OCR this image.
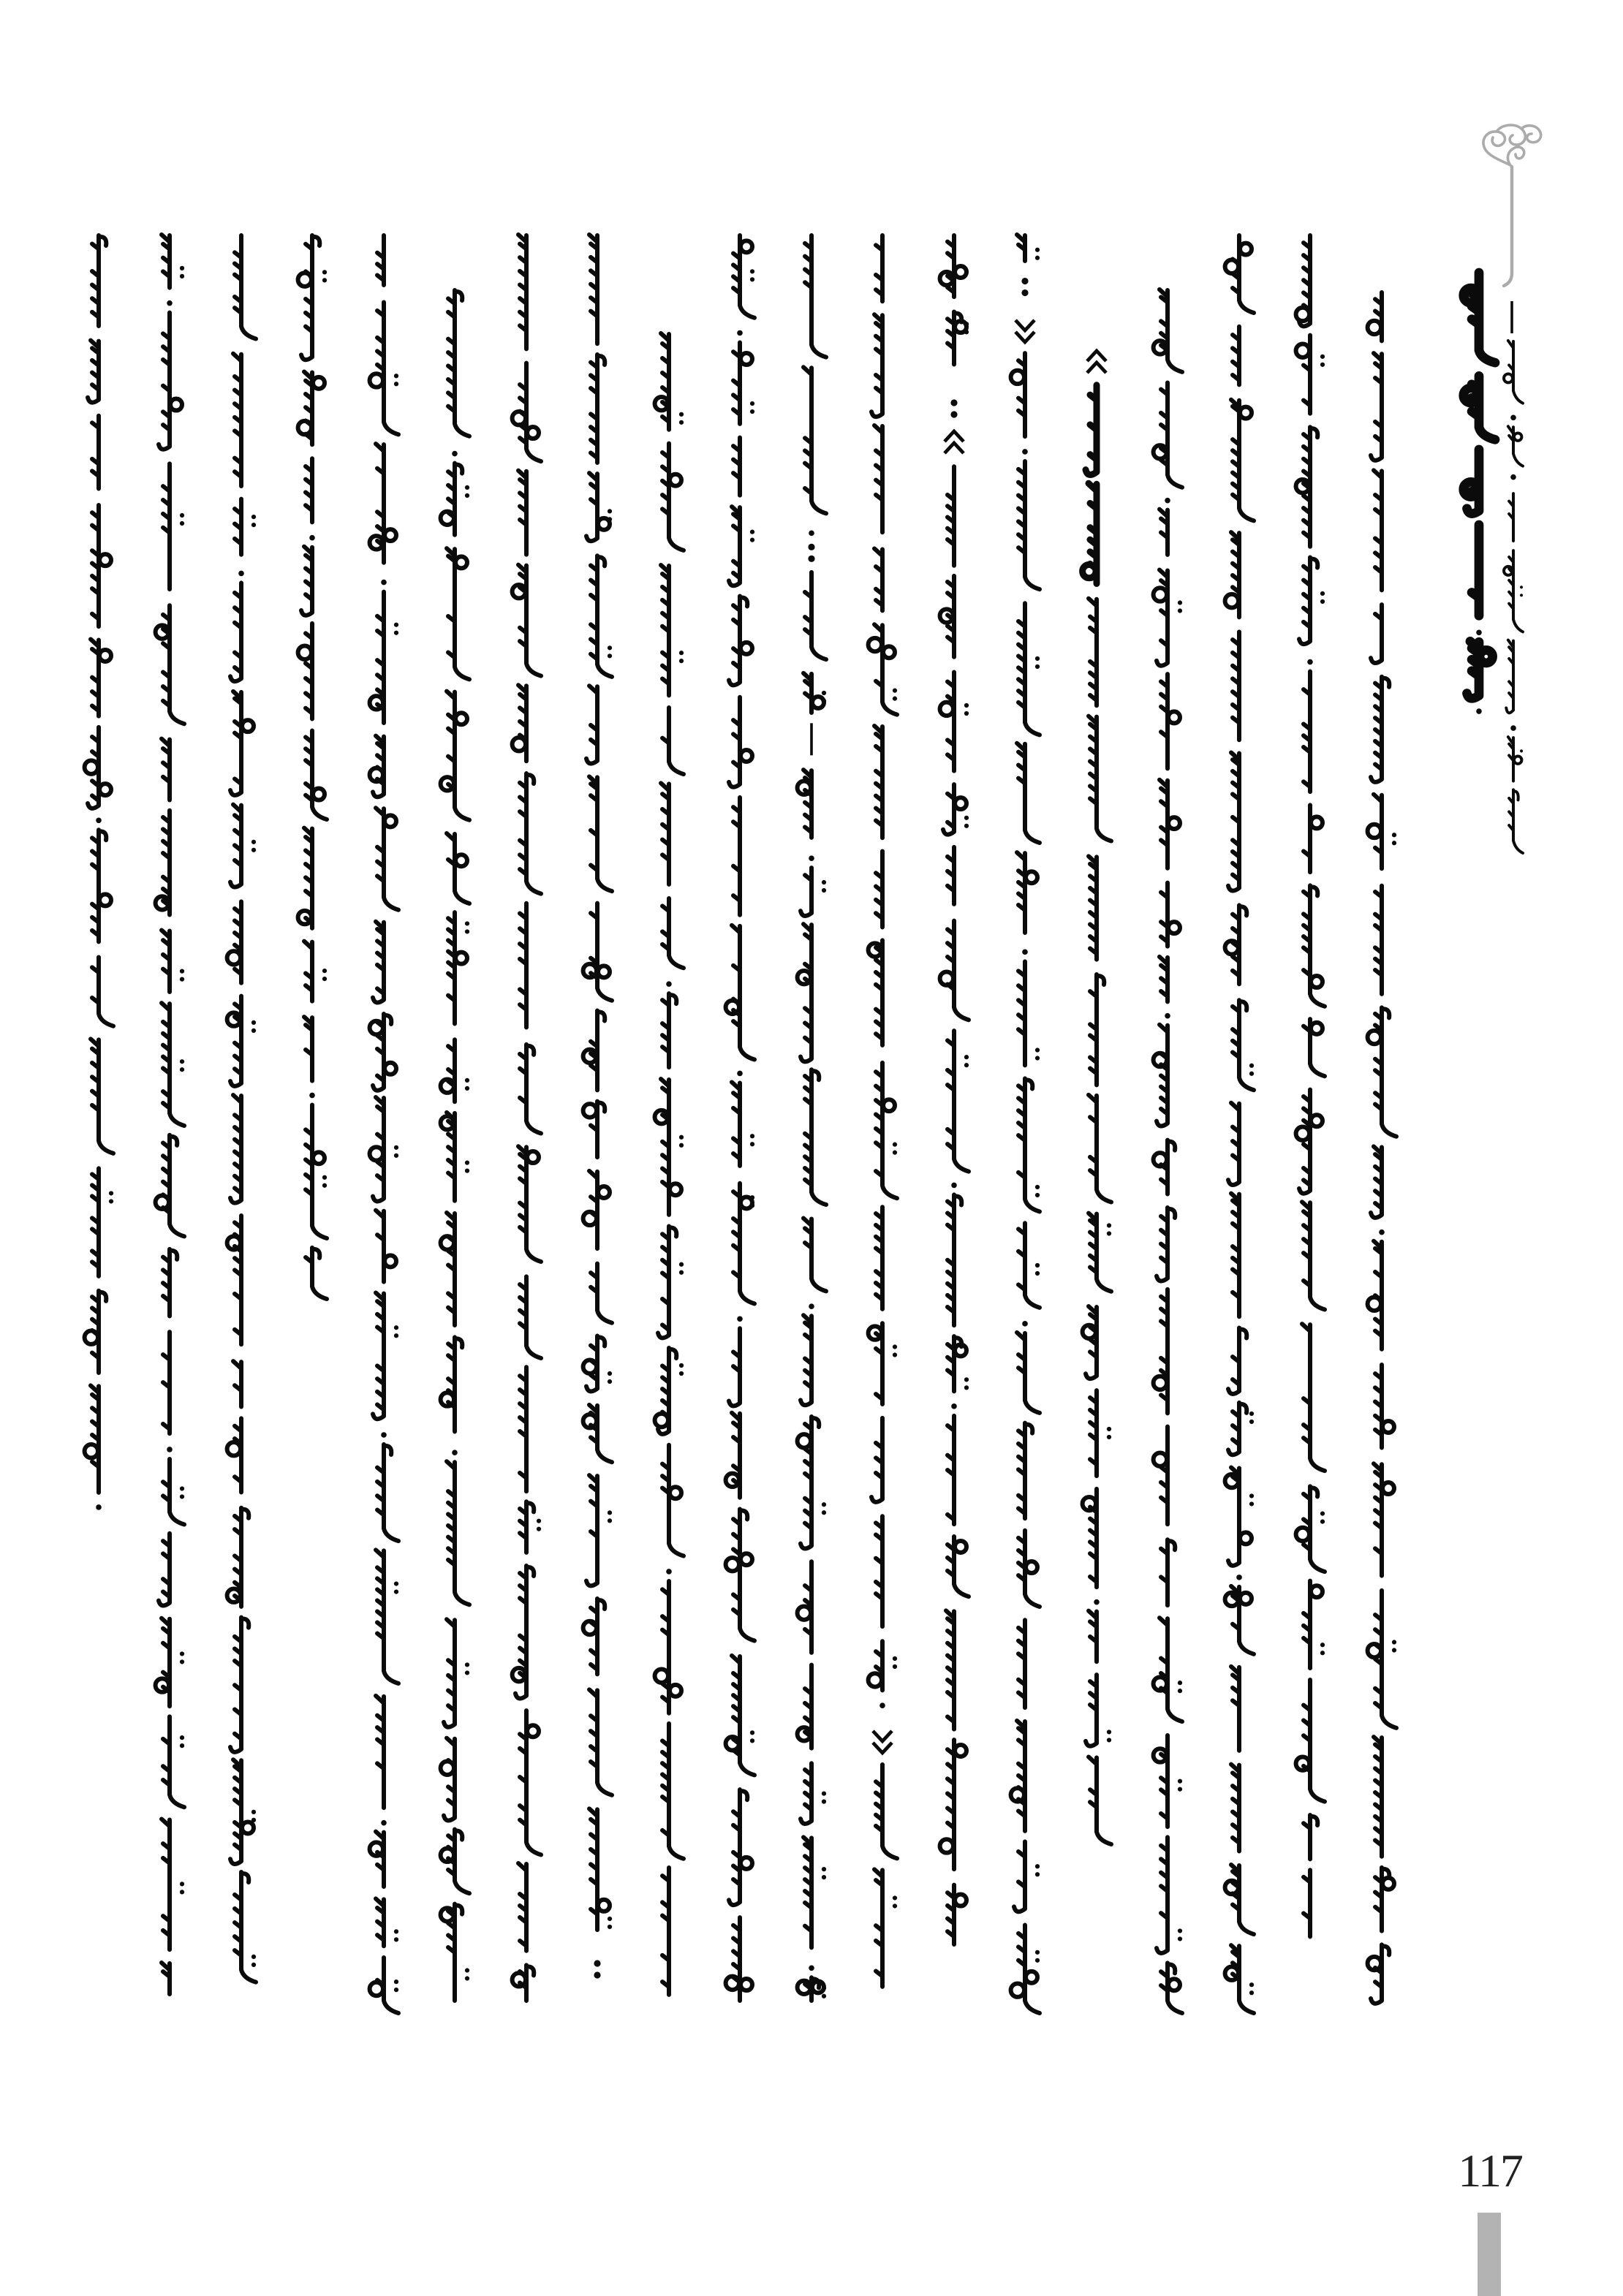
117
